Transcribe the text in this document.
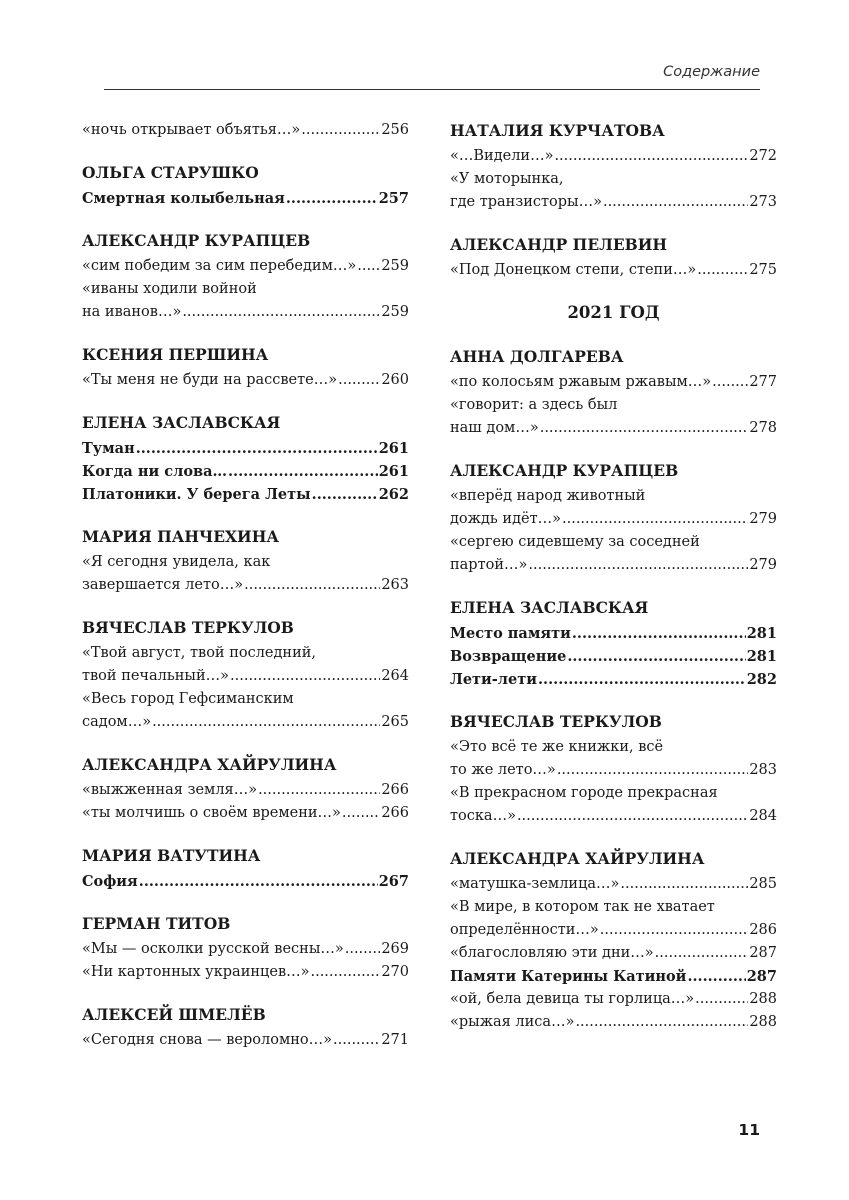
Содержание
«ночь открывает объятья…» .....	256
ОЛЬГА СТАРУШКО
Смертная колыбельная .....	257
АЛЕКСАНДР КУРАПЦЕВ
«сим победим за сим перебедим…» ..... 259
«иваны ходили войной
на иванов…» .....	259
КСЕНИЯ ПЕРШИНА
«Ты меня не буди на рассвете…» .....	260
ЕЛЕНА ЗАСЛАВСКАЯ
Туман .....	261
Когда ни слова… .....	261
Платоники. У берега Леты .....	262
МАРИЯ ПАНЧЕХИНА
«Я сегодня увидела, как
завершается лето…» .....	263
ВЯЧЕСЛАВ ТЕРКУЛОВ
«Твой август, твой последний,
твой печальный…» .....	264
«Весь город Гефсиманским
садом…» .....	265
АЛЕКСАНДРА ХАЙРУЛИНА
«выжженная земля…» .....	266
«ты молчишь о своём времени…» .....	266
МАРИЯ ВАТУТИНА
София .....	267
ГЕРМАН ТИТОВ
«Мы — осколки русской весны…» .....	269
«Ни картонных украинцев…» .....	270
АЛЕКСЕЙ ШМЕЛЁВ
«Сегодня снова — вероломно…» .....	271
НАТАЛИЯ КУРЧАТОВА
«…Видели…» .....	272
«У моторынка,
где транзисторы…» .....	273
АЛЕКСАНДР ПЕЛЕВИН
«Под Донецком степи, степи…» .....	275
2021 ГОД
АННА ДОЛГАРЕВА
«по колосьям ржавым ржавым…» .....	277
«говорит: а здесь был
наш дом…» .....	278
АЛЕКСАНДР КУРАПЦЕВ
«вперёд народ животный
дождь идёт…» .....	279
«сергею сидевшему за соседней
партой…» .....	279
ЕЛЕНА ЗАСЛАВСКАЯ
Место памяти .....	281
Возвращение .....	281
Лети-лети .....	282
ВЯЧЕСЛАВ ТЕРКУЛОВ
«Это всё те же книжки, всё
то же лето…» .....	283
«В прекрасном городе прекрасная
тоска…» .....	284
АЛЕКСАНДРА ХАЙРУЛИНА
«матушка-землица…» .....	285
«В мире, в котором так не хватает
определённости…» .....	286
«благословляю эти дни…» .....	287
Памяти Катерины Катиной .....	287
«ой, бела девица ты горлица…» .....	288
«рыжая лиса…» .....	288
11
